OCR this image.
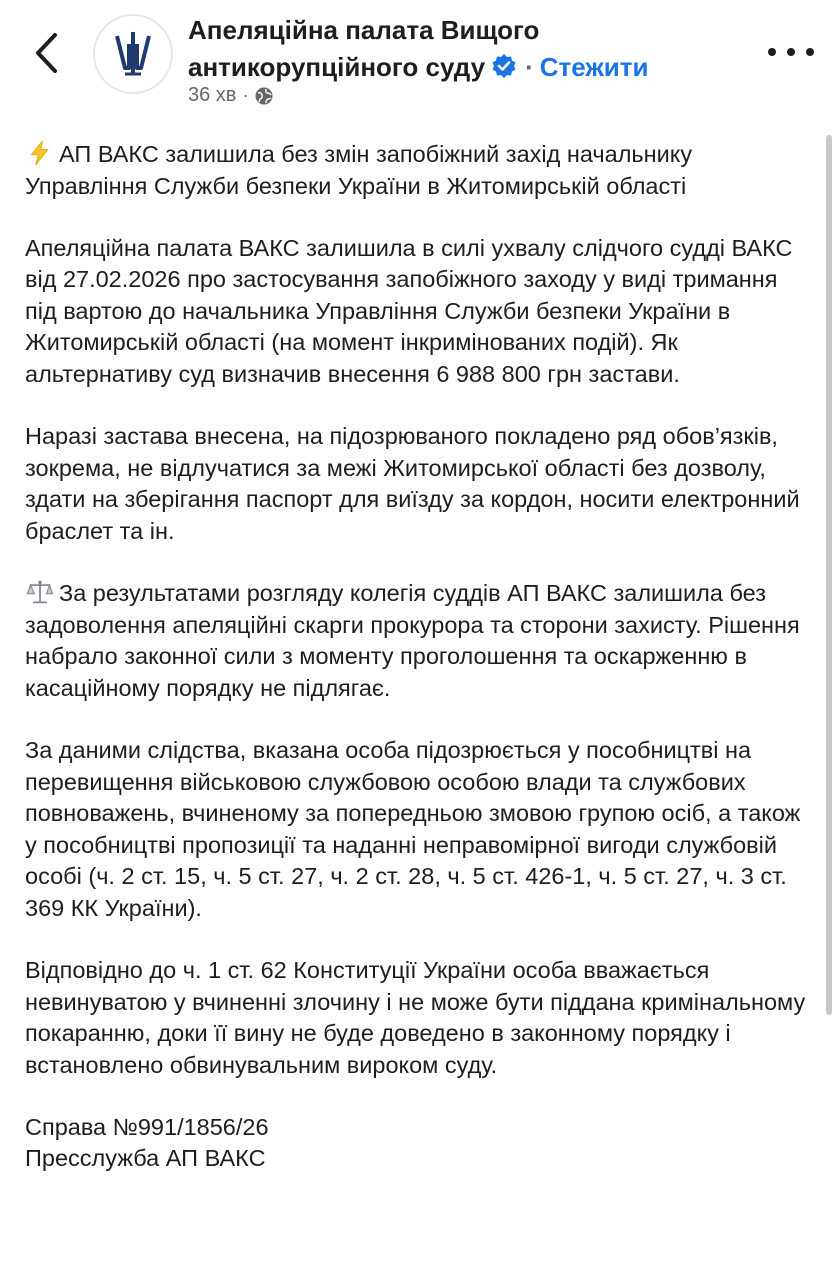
Апеляційна палата Вищого антикорупційного суду · Стежити
36 хв ·

АП ВАКС залишила без змін запобіжний захід начальнику Управління Служби безпеки України в Житомирській області

Апеляційна палата ВАКС залишила в силі ухвалу слідчого судді ВАКС від 27.02.2026 про застосування запобіжного заходу у виді тримання під вартою до начальника Управління Служби безпеки України в Житомирській області (на момент інкримінованих подій). Як альтернативу суд визначив внесення 6 988 800 грн застави.

Наразі застава внесена, на підозрюваного покладено ряд обов’язків, зокрема, не відлучатися за межі Житомирської області без дозволу, здати на зберігання паспорт для виїзду за кордон, носити електронний браслет та ін.

За результатами розгляду колегія суддів АП ВАКС залишила без задоволення апеляційні скарги прокурора та сторони захисту. Рішення набрало законної сили з моменту проголошення та оскарженню в касаційному порядку не підлягає.

За даними слідства, вказана особа підозрюється у пособництві на перевищення військовою службовою особою влади та службових повноважень, вчиненому за попередньою змовою групою осіб, а також у пособництві пропозиції та наданні неправомірної вигоди службовій особі (ч. 2 ст. 15, ч. 5 ст. 27, ч. 2 ст. 28, ч. 5 ст. 426-1, ч. 5 ст. 27, ч. 3 ст. 369 КК України).

Відповідно до ч. 1 ст. 62 Конституції України особа вважається невинуватою у вчиненні злочину і не може бути піддана кримінальному покаранню, доки її вину не буде доведено в законному порядку і встановлено обвинувальним вироком суду.

Справа №991/1856/26
Пресслужба АП ВАКС
